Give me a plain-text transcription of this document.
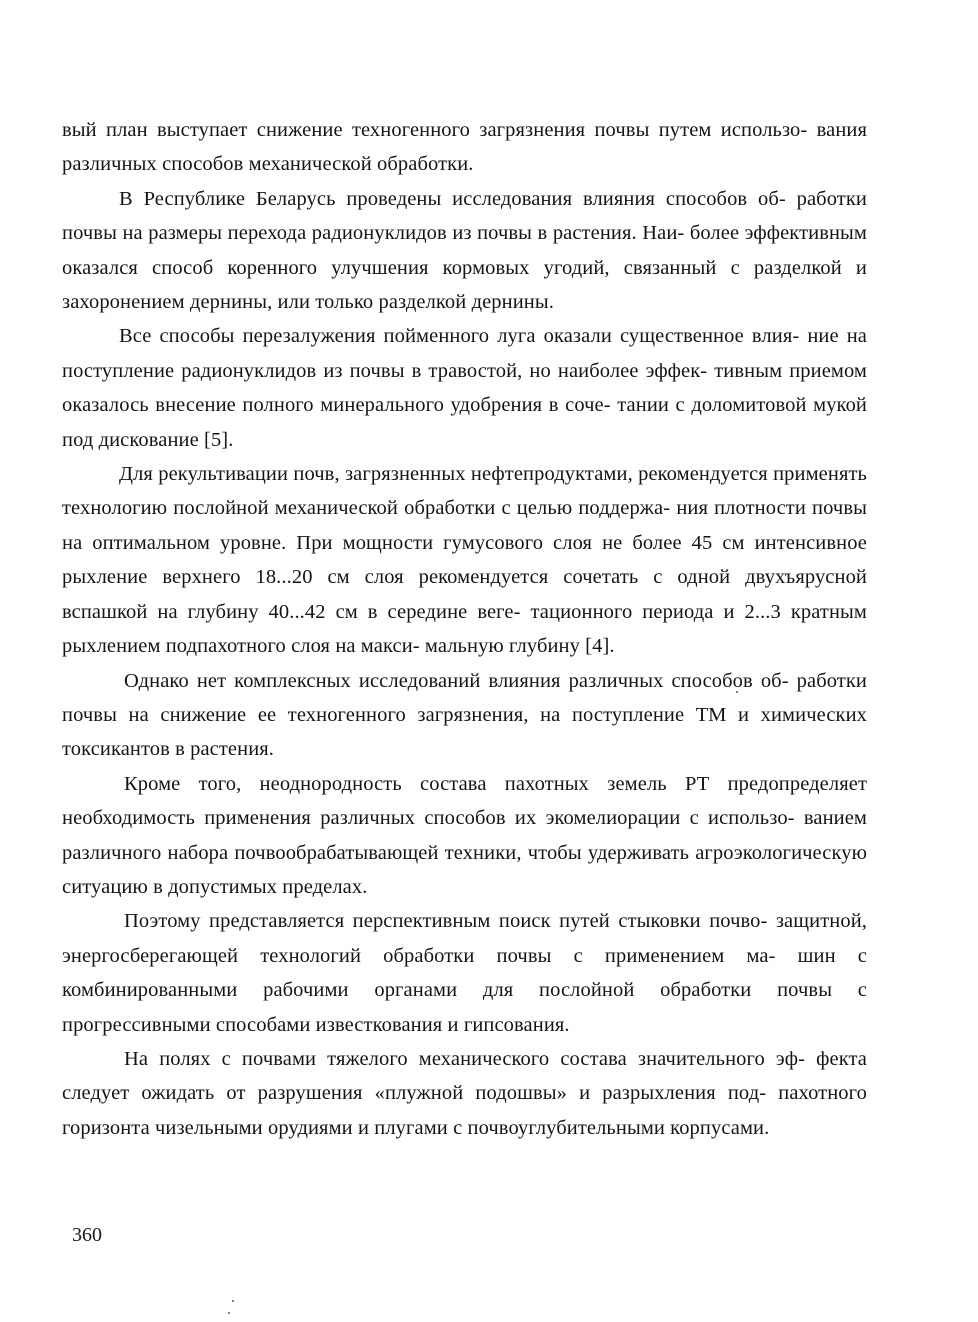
вый план выступает снижение техногенного загрязнения почвы путем использо- вания различных способов механической обработки.

В Республике Беларусь проведены исследования влияния способов об- работки почвы на размеры перехода радионуклидов из почвы в растения. Наи- более эффективным оказался способ коренного улучшения кормовых угодий, связанный с разделкой и захоронением дернины, или только разделкой дернины.

Все способы перезалужения пойменного луга оказали существенное влия- ние на поступление радионуклидов из почвы в травостой, но наиболее эффек- тивным приемом оказалось внесение полного минерального удобрения в соче- тании с доломитовой мукой под дискование [5].

Для рекультивации почв, загрязненных нефтепродуктами, рекомендуется применять технологию послойной механической обработки с целью поддержа- ния плотности почвы на оптимальном уровне. При мощности гумусового слоя не более 45 см интенсивное рыхление верхнего 18...20 см слоя рекомендуется сочетать с одной двухъярусной вспашкой на глубину 40...42 см в середине веге- тационного периода и 2...3 кратным рыхлением подпахотного слоя на макси- мальную глубину [4].

Однако нет комплексных исследований влияния различных способов об- работки почвы на снижение ее техногенного загрязнения, на поступление ТМ и химических токсикантов в растения.

Кроме того, неоднородность состава пахотных земель РТ предопределяет необходимость применения различных способов их экомелиорации с использо- ванием различного набора почвообрабатывающей техники, чтобы удерживать агроэкологическую ситуацию в допустимых пределах.

Поэтому представляется перспективным поиск путей стыковки почво- защитной, энергосберегающей технологий обработки почвы с применением ма- шин с комбинированными рабочими органами для послойной обработки почвы с прогрессивными способами известкования и гипсования.

На полях с почвами тяжелого механического состава значительного эф- фекта следует ожидать от разрушения «плужной подошвы» и разрыхления под- пахотного горизонта чизельными орудиями и плугами с почвоуглубительными корпусами.

360
